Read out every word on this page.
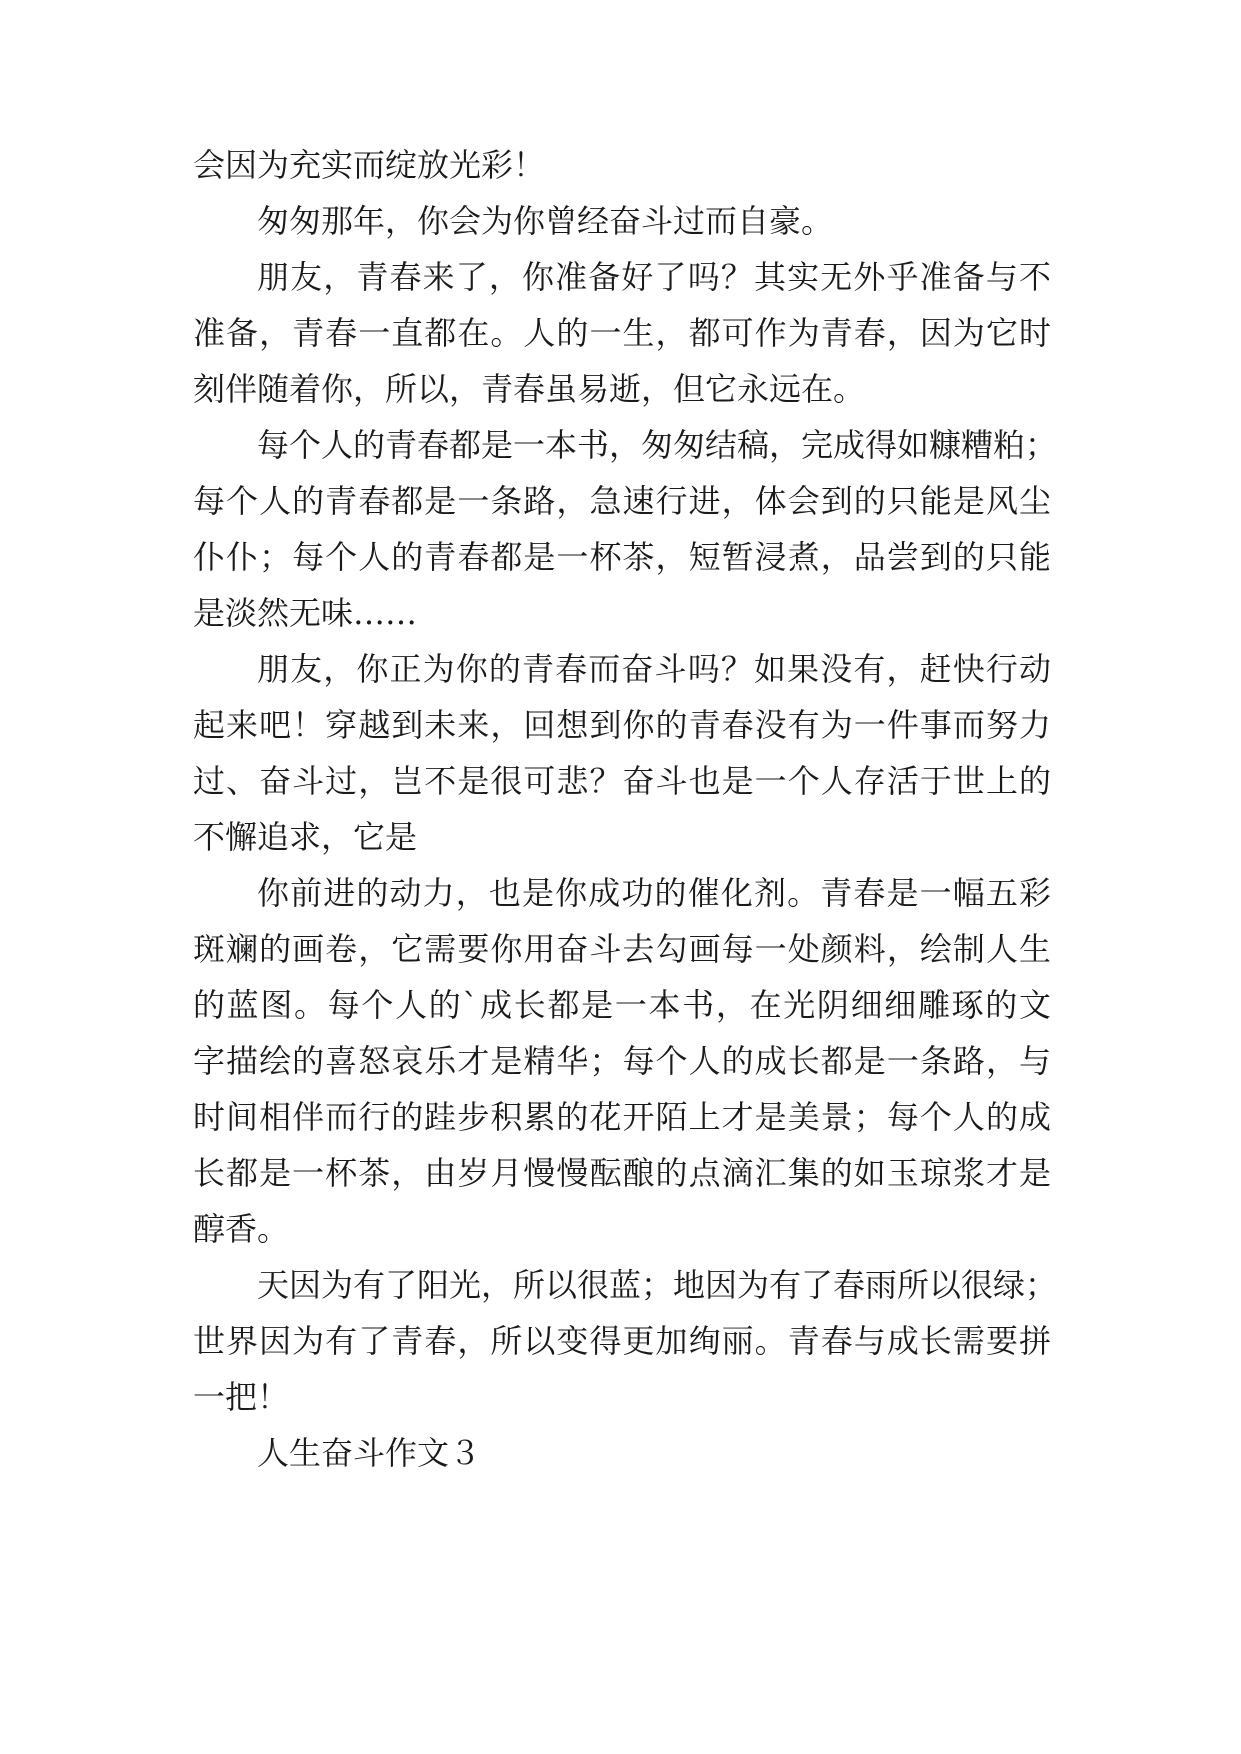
会因为充实而绽放光彩！
匆匆那年，你会为你曾经奋斗过而自豪。
朋友，青春来了，你准备好了吗？其实无外乎准备与不
准备，青春一直都在。人的一生，都可作为青春，因为它时
刻伴随着你，所以，青春虽易逝，但它永远在。
每个人的青春都是一本书，匆匆结稿，完成得如糠糟粕；
每个人的青春都是一条路，急速行进，体会到的只能是风尘
仆仆；每个人的青春都是一杯茶，短暂浸煮，品尝到的只能
是淡然无味……
朋友，你正为你的青春而奋斗吗？如果没有，赶快行动
起来吧！穿越到未来，回想到你的青春没有为一件事而努力
过、奋斗过，岂不是很可悲？奋斗也是一个人存活于世上的
不懈追求，它是
你前进的动力，也是你成功的催化剂。青春是一幅五彩
斑斓的画卷，它需要你用奋斗去勾画每一处颜料，绘制人生
的蓝图。每个人的`成长都是一本书，在光阴细细雕琢的文
字描绘的喜怒哀乐才是精华；每个人的成长都是一条路，与
时间相伴而行的跬步积累的花开陌上才是美景；每个人的成
长都是一杯茶，由岁月慢慢酝酿的点滴汇集的如玉琼浆才是
醇香。
天因为有了阳光，所以很蓝；地因为有了春雨所以很绿；
世界因为有了青春，所以变得更加绚丽。青春与成长需要拼
一把！
人生奋斗作文３
